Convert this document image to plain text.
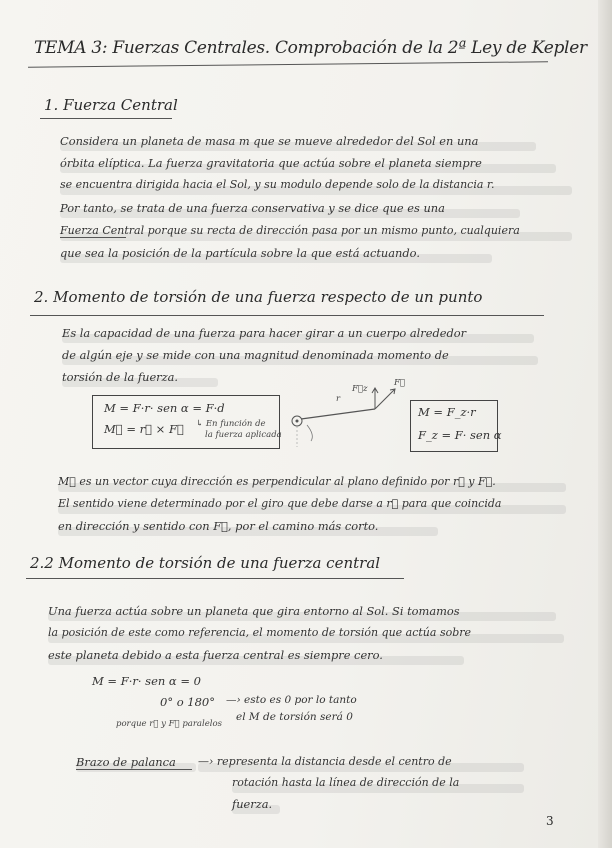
TEMA 3: Fuerzas Centrales. Comprobación de la 2ª Ley de Kepler
1. Fuerza Central
Considera un planeta de masa m que se mueve alrededor del Sol en una
órbita elíptica. La fuerza gravitatoria que actúa sobre el planeta siempre
se encuentra dirigida hacia el Sol, y su modulo depende solo de la distancia r.
Por tanto, se trata de una fuerza conservativa y se dice que es una
Fuerza Central porque su recta de dirección pasa por un mismo punto, cualquiera
que sea la posición de la partícula sobre la que está actuando.
2. Momento de torsión de una fuerza respecto de un punto
Es la capacidad de una fuerza para hacer girar a un cuerpo alrededor
de algún eje y se mide con una magnitud denominada momento de
torsión de la fuerza.
M = F·r· sen α = F·d
M⃗ = r⃗ × F⃗ ↳ En función de
la fuerza aplicada
r
F⃗z
F⃗
M = F_z·r
F_z = F· sen α
M⃗ es un vector cuya dirección es perpendicular al plano definido por r⃗ y F⃗.
El sentido viene determinado por el giro que debe darse a r⃗ para que coincida
en dirección y sentido con F⃗, por el camino más corto.
2.2 Momento de torsión de una fuerza central
Una fuerza actúa sobre un planeta que gira entorno al Sol. Si tomamos
la posición de este como referencia, el momento de torsión que actúa sobre
este planeta debido a esta fuerza central es siempre cero.
M = F·r· sen α = 0
0° o 180° —› esto es 0 por lo tanto
el M de torsión será 0
porque r⃗ y F⃗ paralelos
Brazo de palanca —› representa la distancia desde el centro de
rotación hasta la línea de dirección de la
fuerza.
3
